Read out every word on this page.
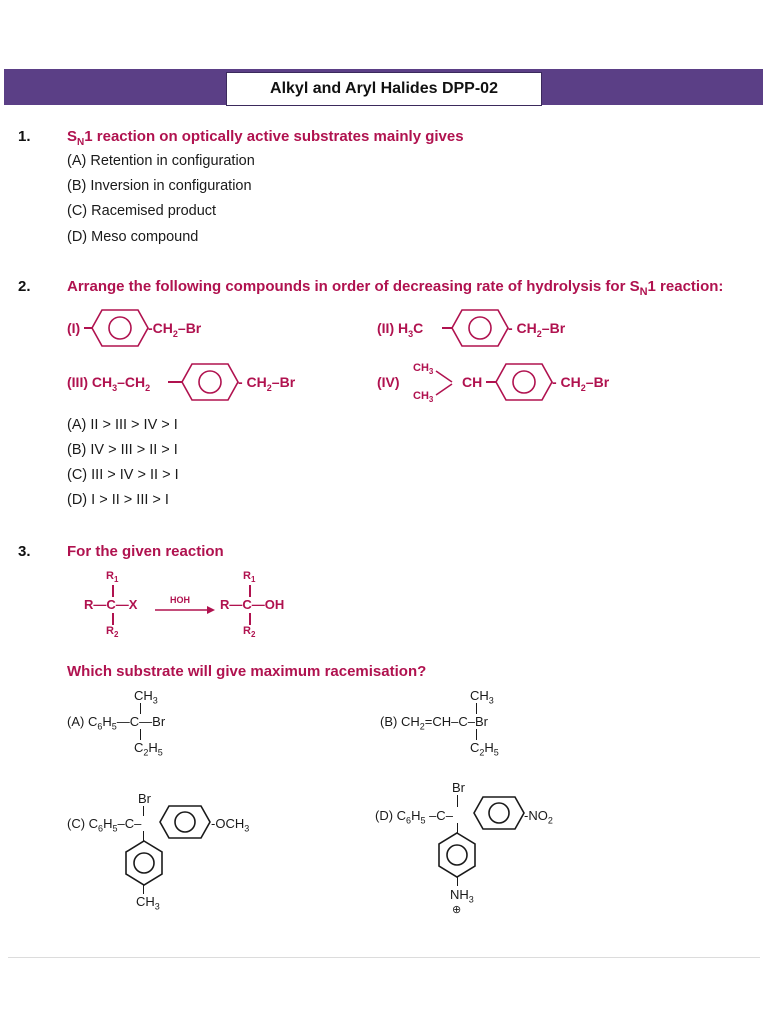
Alkyl and Aryl Halides DPP-02
1. $S_N1$ reaction on optically active substrates mainly gives
(A) Retention in configuration
(B) Inversion in configuration
(C) Racemised product
(D) Meso compound
2. Arrange the following compounds in order of decreasing rate of hydrolysis for $S_N1$ reaction:
(I)	$-CH_2-Br$	(II) $H_3C$	- $CH_2-Br$
(III) $CH_3-CH_2$	- $CH_2-Br$	(IV)
$CH_3$
$CH_3$
CH	- $CH_2-Br$
(A) II > III > IV > I
(B) IV > III > II > I
(C) III > IV > II > I
(D) I > II > III > I
3. For the given reaction
$R_1$
R—C—X
$R_2$
HOH
$R_1$
R—C—OH
$R_2$
Which substrate will give maximum racemisation?
$CH_3$
(A) $C_6H_5—C—Br$
$C_2H_5$
$CH_3$
(B) $CH_2=CH-C-Br$
$C_2H_5$
Br
(C) $C_6H_5-C-$	$-OCH_3$
$CH_3$
Br
(D) $C_6H_5$ –C–	$-NO_2$
$NH_3$
⊕
